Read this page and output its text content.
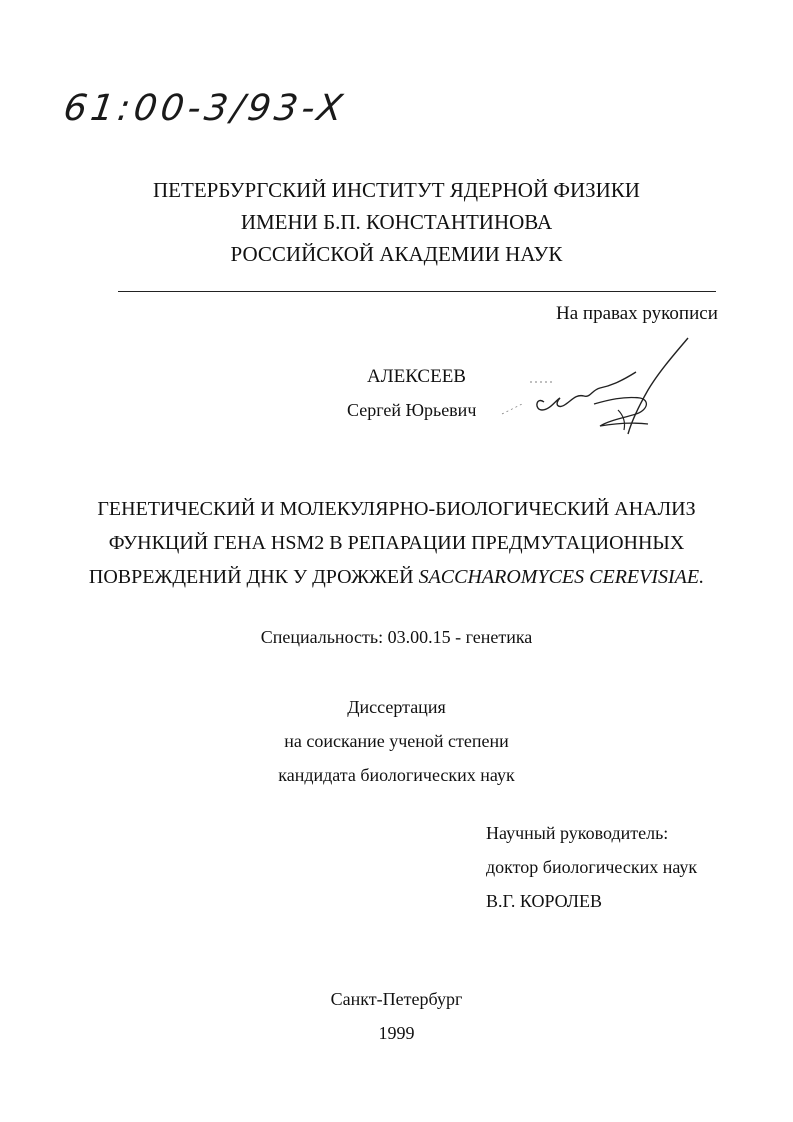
61:00-3/93-X
ПЕТЕРБУРГСКИЙ ИНСТИТУТ ЯДЕРНОЙ ФИЗИКИ
ИМЕНИ Б.П. КОНСТАНТИНОВА
РОССИЙСКОЙ АКАДЕМИИ НАУК
На правах рукописи
АЛЕКСЕЕВ
Сергей Юрьевич
ГЕНЕТИЧЕСКИЙ И МОЛЕКУЛЯРНО-БИОЛОГИЧЕСКИЙ АНАЛИЗ
ФУНКЦИЙ ГЕНА HSM2 В РЕПАРАЦИИ ПРЕДМУТАЦИОННЫХ
ПОВРЕЖДЕНИЙ ДНК У ДРОЖЖЕЙ SACCHAROMYCES CEREVISIAE.
Специальность: 03.00.15 - генетика
Диссертация
на соискание ученой степени
кандидата биологических наук
Научный руководитель:
доктор биологических наук
В.Г. КОРОЛЕВ
Санкт-Петербург
1999
